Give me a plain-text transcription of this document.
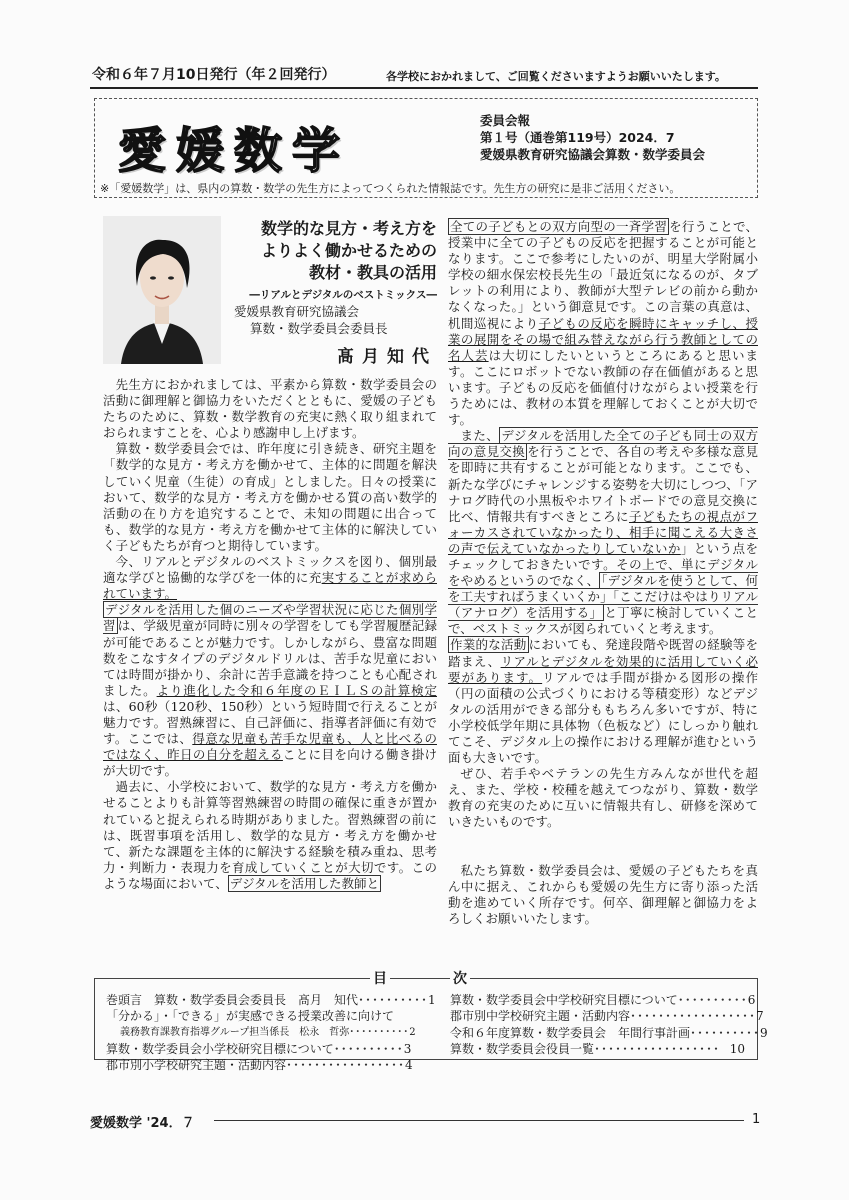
令和６年７月10日発行（年２回発行）	各学校におかれまして、ご回覧くださいますようお願いいたします。
愛媛数学
委員会報
第１号（通巻第119号）2024．7
愛媛県教育研究協議会算数・数学委員会
※「愛媛数学」は、県内の算数・数学の先生方によってつくられた情報誌です。先生方の研究に是非ご活用ください。
数学的な見方・考え方を
よりよく働かせるための
教材・教具の活用
―リアルとデジタルのベストミックス―
愛媛県教育研究協議会
算数・数学委員会委員長
髙月知代

先生方におかれましては、平素から算数・数学委員会の活動に御理解と御協力をいただくとともに、愛媛の子どもたちのために、算数・数学教育の充実に熱く取り組まれておられますことを、心より感謝申し上げます。

算数・数学委員会では、昨年度に引き続き、研究主題を「数学的な見方・考え方を働かせて、主体的に問題を解決していく児童（生徒）の育成」としました。日々の授業において、数学的な見方・考え方を働かせる質の高い数学的活動の在り方を追究することで、未知の問題に出合っても、数学的な見方・考え方を働かせて主体的に解決していく子どもたちが育つと期待しています。

今、リアルとデジタルのベストミックスを図り、個別最適な学びと協働的な学びを一体的に充実することが求められています。

デジタルを活用した個のニーズや学習状況に応じた個別学習 は、学級児童が同時に別々の学習をしても学習履歴記録が可能であることが魅力です。しかしながら、豊富な問題数をこなすタイプのデジタルドリルは、苦手な児童においては時間が掛かり、余計に苦手意識を持つことも心配されました。より進化した令和６年度のＥＩＬＳの計算検定は、60秒（120秒、150秒）という短時間で行えることが魅力です。習熟練習に、自己評価に、指導者評価に有効です。ここでは、得意な児童も苦手な児童も、人と比べるのではなく、昨日の自分を超えることに目を向ける働き掛けが大切です。

過去に、小学校において、数学的な見方・考え方を働かせることよりも計算等習熟練習の時間の確保に重きが置かれていると捉えられる時期がありました。習熟練習の前には、既習事項を活用し、数学的な見方・考え方を働かせて、新たな課題を主体的に解決する経験を積み重ね、思考力・判断力・表現力を育成していくことが大切です。このような場面において、 デジタルを活用した教師と

全ての子どもとの双方向型の一斉学習 を行うことで、授業中に全ての子どもの反応を把握することが可能となります。ここで参考にしたいのが、明星大学附属小学校の細水保宏校長先生の「最近気になるのが、タブレットの利用により、教師が大型テレビの前から動かなくなった。」という御意見です。この言葉の真意は、机間巡視により子どもの反応を瞬時にキャッチし、授業の展開をその場で組み替えながら行う教師としての名人芸は大切にしたいというところにあると思います。ここにロボットでない教師の存在価値があると思います。子どもの反応を価値付けながらよい授業を行うためには、教材の本質を理解しておくことが大切です。

また、 デジタルを活用した全ての子ども同士の双方向の意見交換 を行うことで、各自の考えや多様な意見を即時に共有することが可能となります。ここでも、新たな学びにチャレンジする姿勢を大切にしつつ、「アナログ時代の小黒板やホワイトボードでの意見交換に比べ、情報共有すべきところに子どもたちの視点がフォーカスされていなかったり、相手に聞こえる大きさの声で伝えていなかったりしていないか」という点をチェックしておきたいです。その上で、単にデジタルをやめるというのでなく、 「デジタルを使うとして、何を工夫すればうまくいくか」「ここだけはやはりリアル（アナログ）を活用する」 と丁寧に検討していくことで、ベストミックスが図られていくと考えます。

作業的な活動 においても、発達段階や既習の経験等を踏まえ、リアルとデジタルを効果的に活用していく必要があります。リアルでは手間が掛かる図形の操作（円の面積の公式づくりにおける等積変形）などデジタルの活用ができる部分ももちろん多いですが、特に小学校低学年期に具体物（色板など）にしっかり触れてこそ、デジタル上の操作における理解が進むという面も大きいです。

ぜひ、若手やベテランの先生方みんなが世代を超え、また、学校・校種を越えてつながり、算数・数学教育の充実のために互いに情報共有し、研修を深めていきたいものです。

私たち算数・数学委員会は、愛媛の子どもたちを真ん中に据え、これからも愛媛の先生方に寄り添った活動を進めていく所存です。何卒、御理解と御協力をよろしくお願いいたします。

目	次
巻頭言　算数・数学委員会委員長　髙月　知代 ･･････････ 1
「分かる」・「できる」が実感できる授業改善に向けて
義務教育課教育指導グループ担当係長　松永　哲弥 ･･････････ 2
算数・数学委員会小学校研究目標について ･･････････ 3
郡市別小学校研究主題・活動内容 ･････････････････ 4
算数・数学委員会中学校研究目標について ･･････････ 6
郡市別中学校研究主題・活動内容 ･･････････････････ 7
令和６年度算数・数学委員会　年間行事計画 ･･････････ 9
算数・数学委員会役員一覧 ･･････････････････ 10
愛媛数学 '24．７	1
